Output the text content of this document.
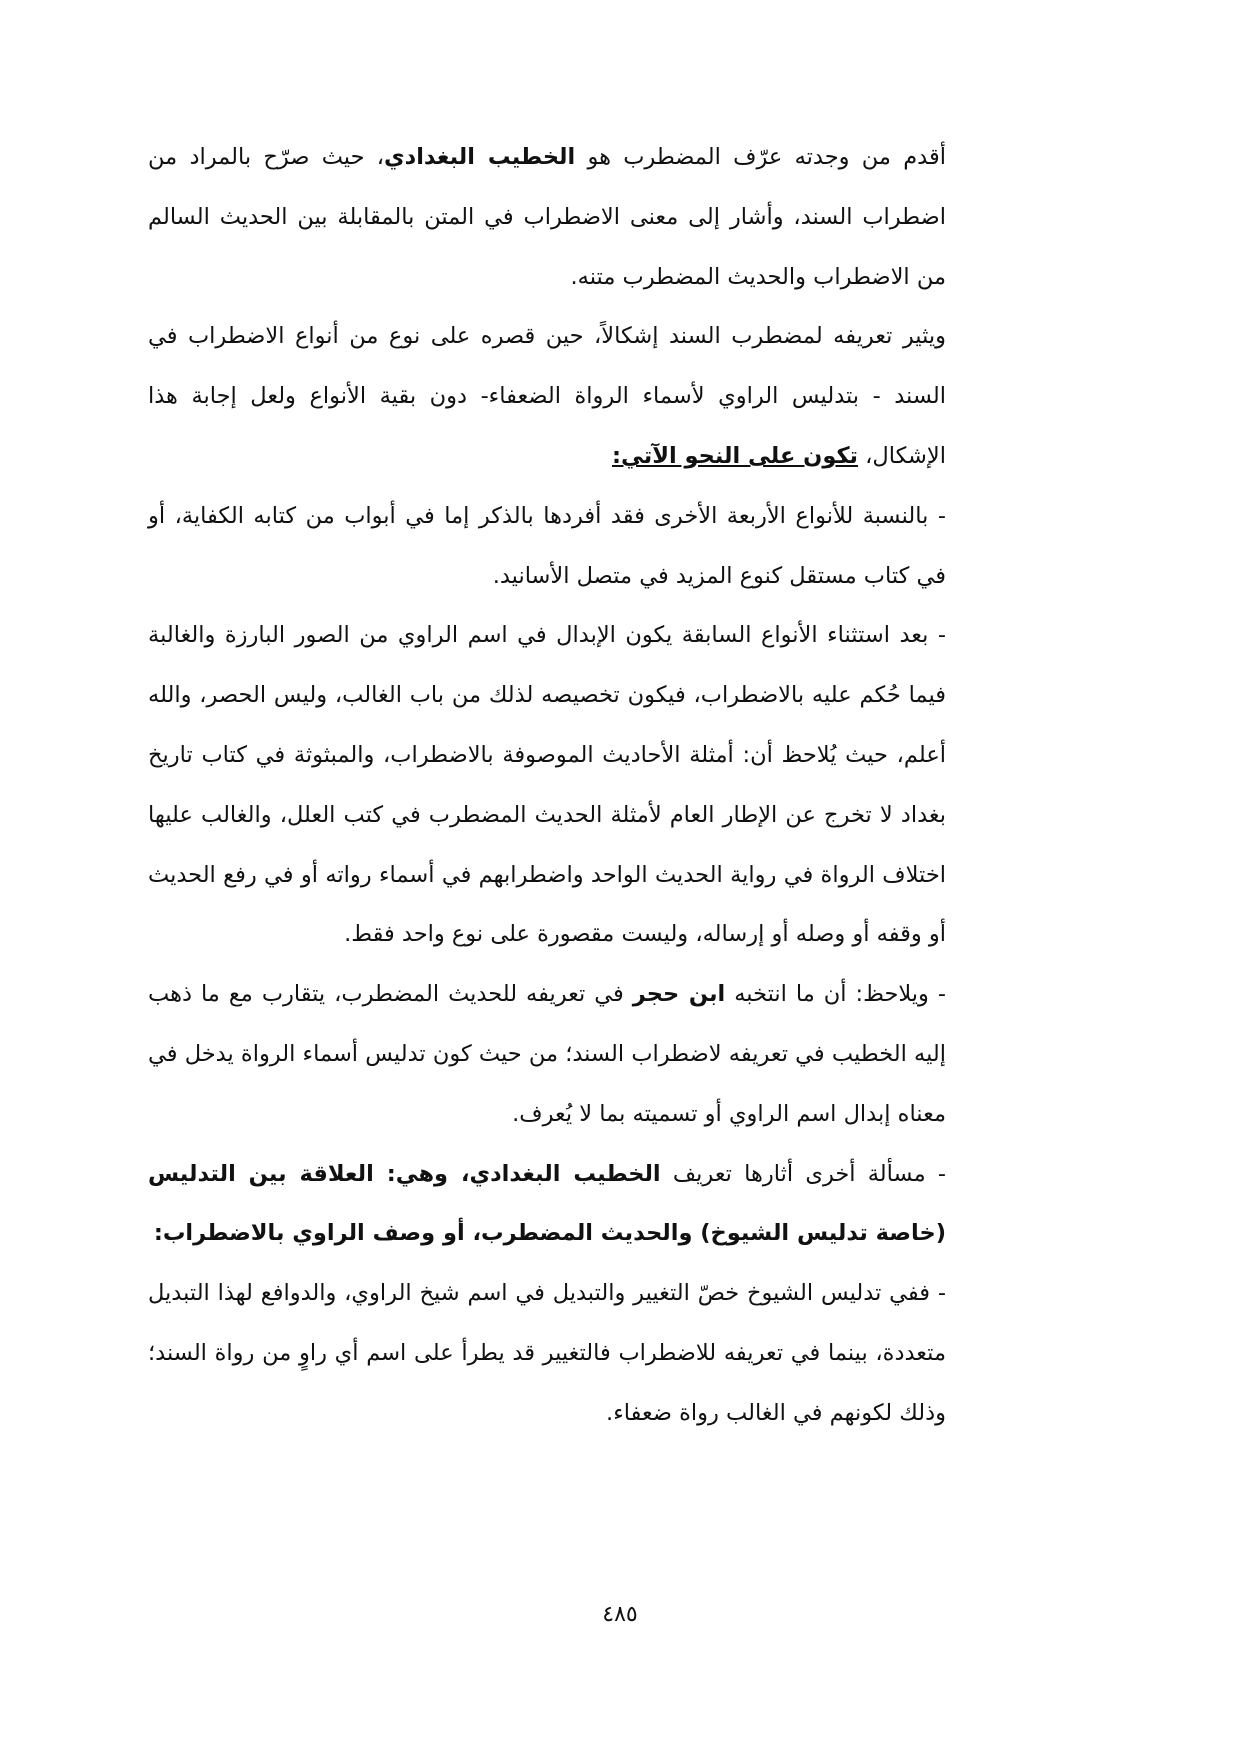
أقدم من وجدته عرّف المضطرب هو الخطيب البغدادي، حيث صرّح بالمراد من اضطراب السند، وأشار إلى معنى الاضطراب في المتن بالمقابلة بين الحديث السالم من الاضطراب والحديث المضطرب متنه.

ويثير تعريفه لمضطرب السند إشكالاً، حين قصره على نوع من أنواع الاضطراب في السند - بتدليس الراوي لأسماء الرواة الضعفاء- دون بقية الأنواع ولعل إجابة هذا الإشكال، تكون على النحو الآتي:

- بالنسبة للأنواع الأربعة الأخرى فقد أفردها بالذكر إما في أبواب من كتابه الكفاية، أو في كتاب مستقل كنوع المزيد في متصل الأسانيد.

- بعد استثناء الأنواع السابقة يكون الإبدال في اسم الراوي من الصور البارزة والغالبة فيما حُكم عليه بالاضطراب، فيكون تخصيصه لذلك من باب الغالب، وليس الحصر، والله أعلم، حيث يُلاحظ أن: أمثلة الأحاديث الموصوفة بالاضطراب، والمبثوثة في كتاب تاريخ بغداد لا تخرج عن الإطار العام لأمثلة الحديث المضطرب في كتب العلل، والغالب عليها اختلاف الرواة في رواية الحديث الواحد واضطرابهم في أسماء رواته أو في رفع الحديث أو وقفه أو وصله أو إرساله، وليست مقصورة على نوع واحد فقط.

- ويلاحظ: أن ما انتخبه ابن حجر في تعريفه للحديث المضطرب، يتقارب مع ما ذهب إليه الخطيب في تعريفه لاضطراب السند؛ من حيث كون تدليس أسماء الرواة يدخل في معناه إبدال اسم الراوي أو تسميته بما لا يُعرف.

- مسألة أخرى أثارها تعريف الخطيب البغدادي، وهي: العلاقة بين التدليس (خاصة تدليس الشيوخ) والحديث المضطرب، أو وصف الراوي بالاضطراب:

- ففي تدليس الشيوخ خصّ التغيير والتبديل في اسم شيخ الراوي، والدوافع لهذا التبديل متعددة، بينما في تعريفه للاضطراب فالتغيير قد يطرأ على اسم أي راوٍ من رواة السند؛ وذلك لكونهم في الغالب رواة ضعفاء.

٤٨٥
